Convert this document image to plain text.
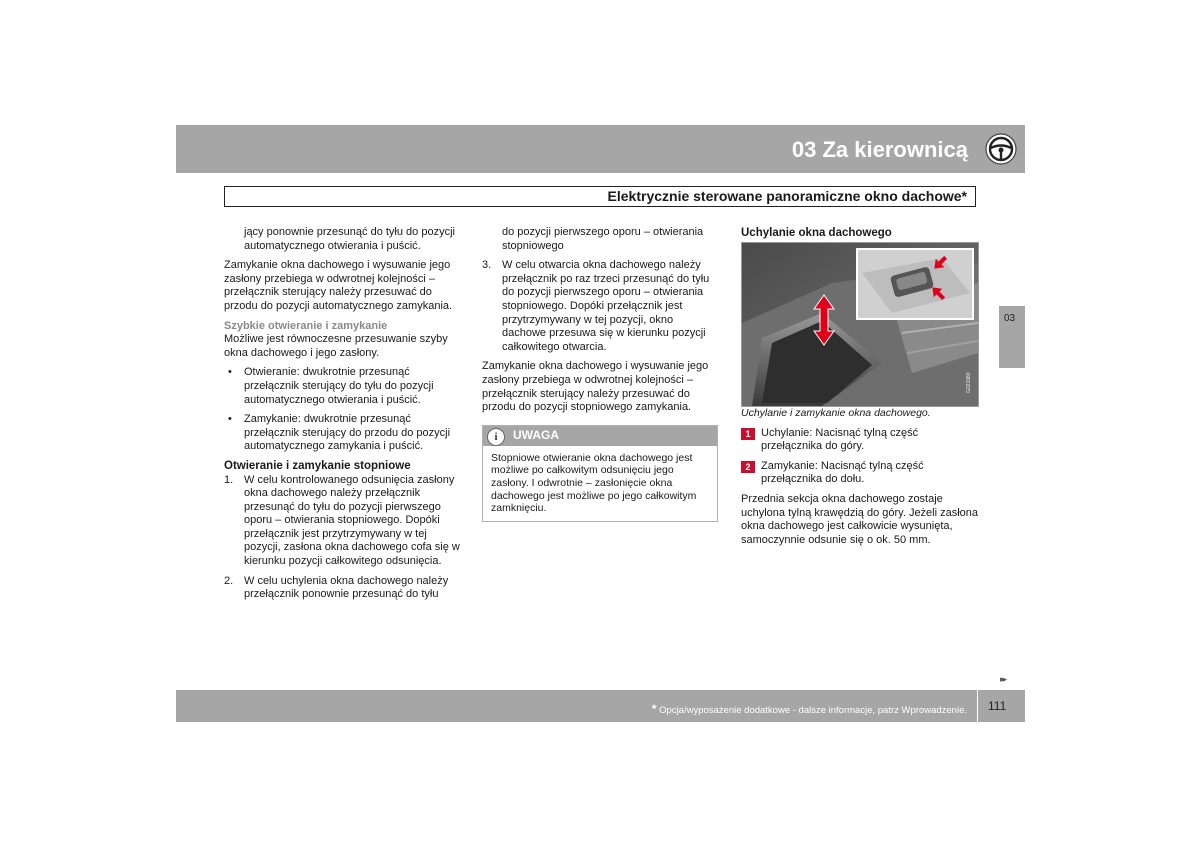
03 Za kierownicą
Elektrycznie sterowane panoramiczne okno dachowe*
03

jący ponownie przesunąć do tyłu do pozycji automatycznego otwierania i puścić.

Zamykanie okna dachowego i wysuwanie jego zasłony przebiega w odwrotnej kolejności – przełącznik sterujący należy przesuwać do przodu do pozycji automatycznego zamykania.

Szybkie otwieranie i zamykanie

Możliwe jest równoczesne przesuwanie szyby okna dachowego i jego zasłony.

• Otwieranie: dwukrotnie przesunąć przełącznik sterujący do tyłu do pozycji automatycznego otwierania i puścić.
• Zamykanie: dwukrotnie przesunąć przełącznik sterujący do przodu do pozycji automatycznego zamykania i puścić.
Otwieranie i zamykanie stopniowe
1. W celu kontrolowanego odsunięcia zasłony okna dachowego należy przełącznik przesunąć do tyłu do pozycji pierwszego oporu – otwierania stopniowego. Dopóki przełącznik jest przytrzymywany w tej pozycji, zasłona okna dachowego cofa się w kierunku pozycji całkowitego odsunięcia.
2. W celu uchylenia okna dachowego należy przełącznik ponownie przesunąć do tyłu

do pozycji pierwszego oporu – otwierania stopniowego

3. W celu otwarcia okna dachowego należy przełącznik po raz trzeci przesunąć do tyłu do pozycji pierwszego oporu – otwierania stopniowego. Dopóki przełącznik jest przytrzymywany w tej pozycji, okno dachowe przesuwa się w kierunku pozycji całkowitego otwarcia.

Zamykanie okna dachowego i wysuwanie jego zasłony przebiega w odwrotnej kolejności – przełącznik sterujący należy przesuwać do przodu do pozycji stopniowego zamykania.

i	UWAGA
Stopniowe otwieranie okna dachowego jest możliwe po całkowitym odsunięciu jego zasłony. I odwrotnie – zasłonięcie okna dachowego jest możliwe po jego całkowitym zamknięciu.
Uchylanie okna dachowego
G021980

Uchylanie i zamykanie okna dachowego.

1 Uchylanie: Nacisnąć tylną część przełącznika do góry.
2 Zamykanie: Nacisnąć tylną część przełącznika do dołu.

Przednia sekcja okna dachowego zostaje uchylona tylną krawędzią do góry. Jeżeli zasłona okna dachowego jest całkowicie wysunięta, samoczynnie odsunie się o ok. 50 mm.

▸▸
* Opcja/wyposażenie dodatkowe - dalsze informacje, patrz Wprowadzenie. 111
